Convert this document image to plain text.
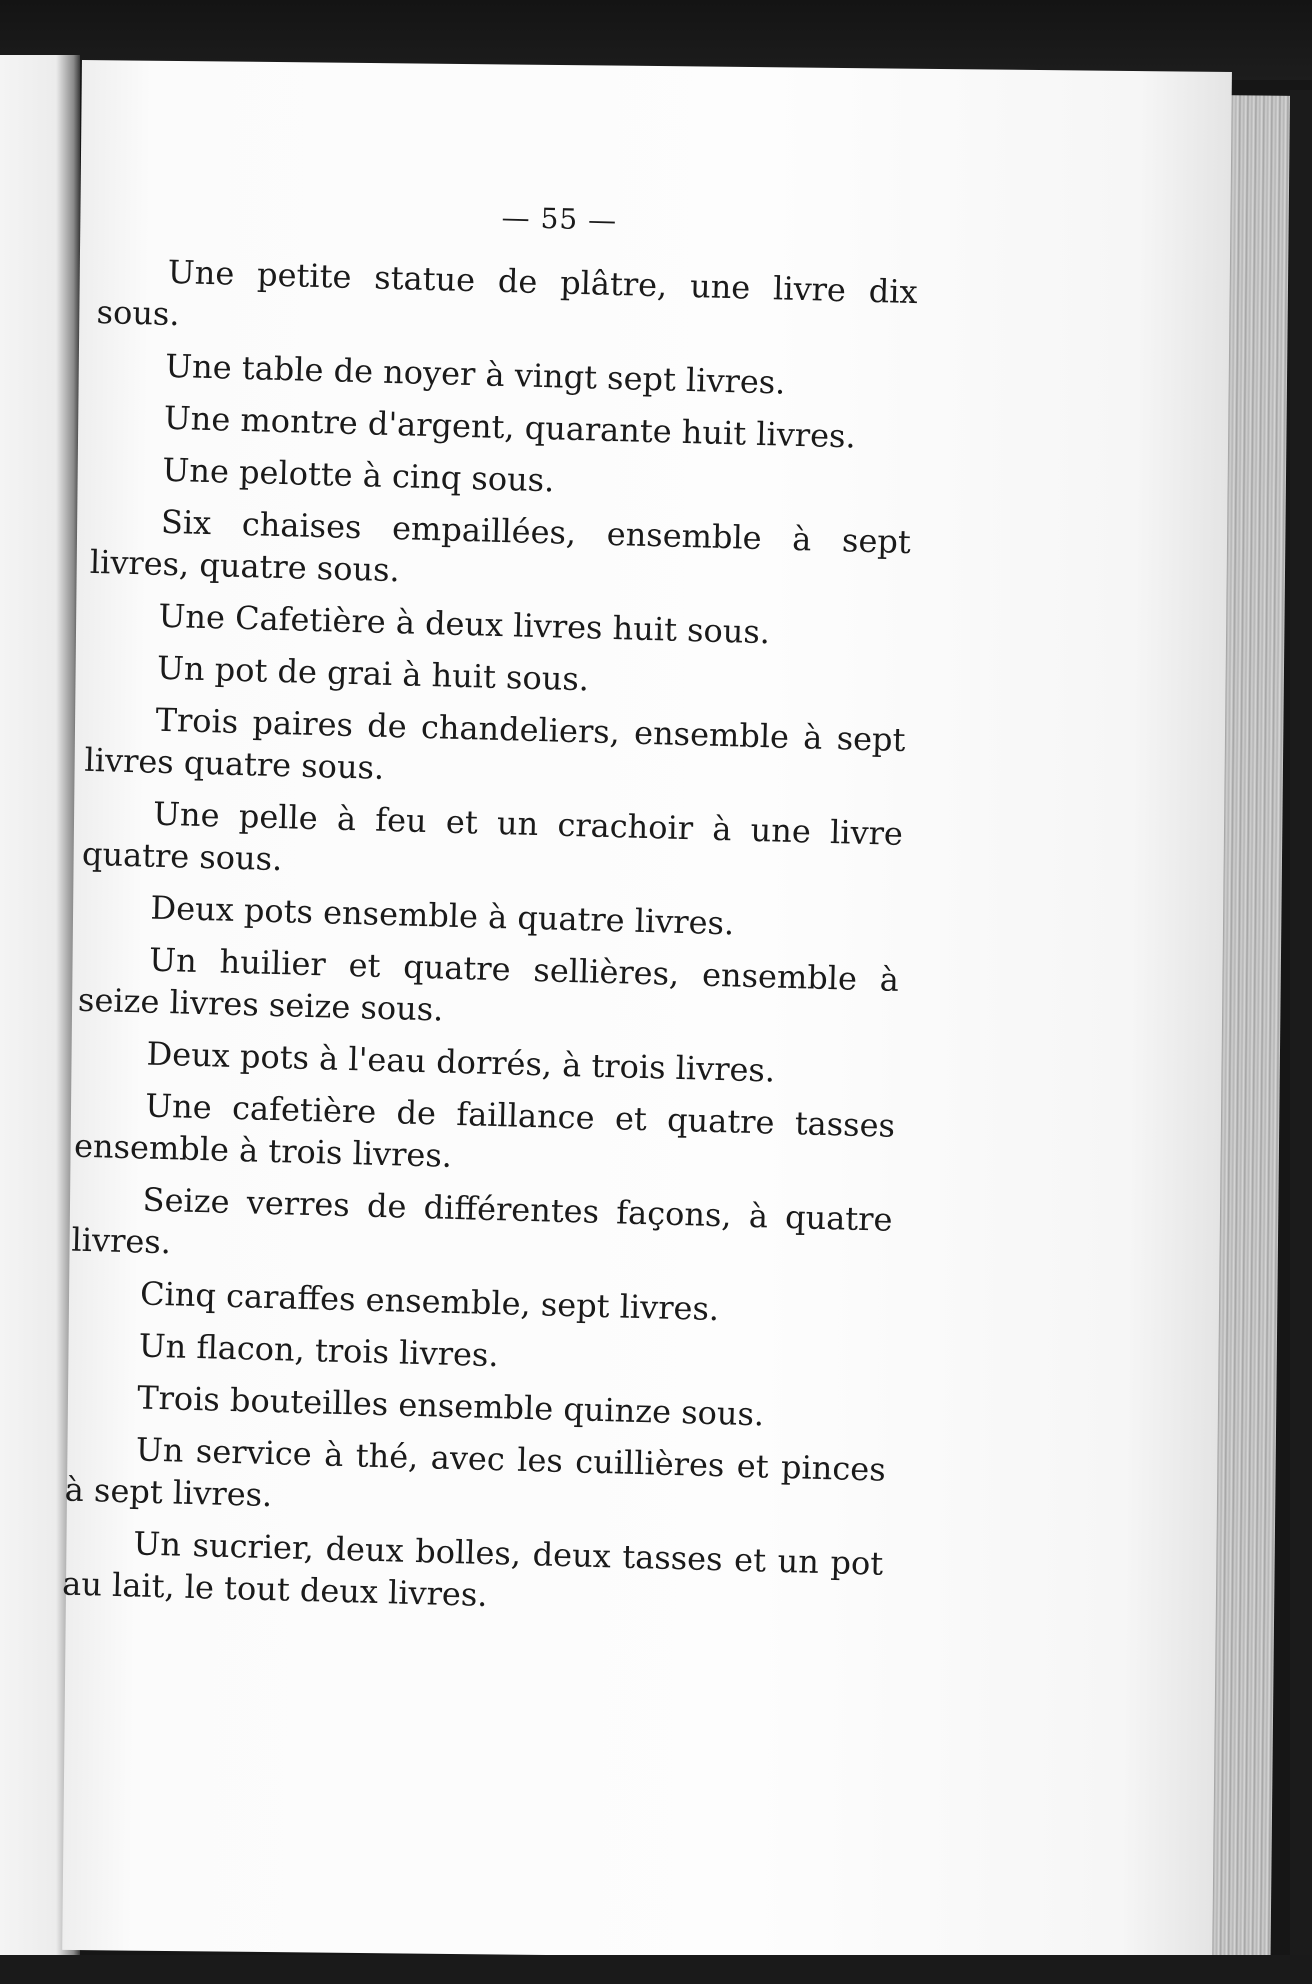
— 55 —

Une petite statue de plâtre, une livre dix sous.

Une table de noyer à vingt sept livres.

Une montre d'argent, quarante huit livres.

Une pelotte à cinq sous.

Six chaises empaillées, ensemble à sept livres, quatre sous.

Une Cafetière à deux livres huit sous.

Un pot de grai à huit sous.

Trois paires de chandeliers, ensemble à sept livres quatre sous.

Une pelle à feu et un crachoir à une livre quatre sous.

Deux pots ensemble à quatre livres.

Un huilier et quatre sellières, ensemble à seize livres seize sous.

Deux pots à l'eau dorrés, à trois livres.

Une cafetière de faillance et quatre tasses ensemble à trois livres.

Seize verres de différentes façons, à quatre livres.

Cinq caraffes ensemble, sept livres.

Un flacon, trois livres.

Trois bouteilles ensemble quinze sous.

Un service à thé, avec les cuillières et pinces à sept livres.

Un sucrier, deux bolles, deux tasses et un pot au lait, le tout deux livres.
